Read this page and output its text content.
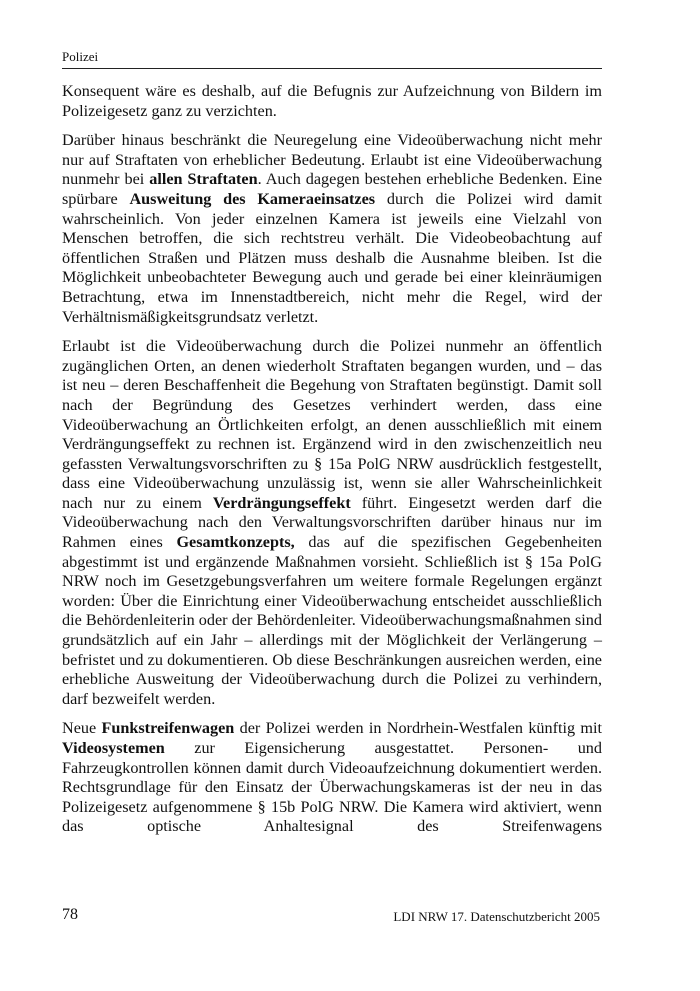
Polizei

Konsequent wäre es deshalb, auf die Befugnis zur Aufzeichnung von Bildern im Polizeigesetz ganz zu verzichten.

Darüber hinaus beschränkt die Neuregelung eine Videoüberwachung nicht mehr nur auf Straftaten von erheblicher Bedeutung. Erlaubt ist eine Videoüberwachung nunmehr bei allen Straftaten. Auch dagegen bestehen erhebliche Bedenken. Eine spürbare Ausweitung des Kameraeinsatzes durch die Polizei wird damit wahrscheinlich. Von jeder einzelnen Kamera ist jeweils eine Vielzahl von Menschen betroffen, die sich rechtstreu verhält. Die Videobeobachtung auf öffentlichen Straßen und Plätzen muss deshalb die Ausnahme bleiben. Ist die Möglichkeit unbeobachteter Bewegung auch und gerade bei einer kleinräumigen Betrachtung, etwa im Innenstadtbereich, nicht mehr die Regel, wird der Verhältnismäßigkeitsgrundsatz verletzt.

Erlaubt ist die Videoüberwachung durch die Polizei nunmehr an öffentlich zugänglichen Orten, an denen wiederholt Straftaten begangen wurden, und – das ist neu – deren Beschaffenheit die Begehung von Straftaten begünstigt. Damit soll nach der Begründung des Gesetzes verhindert werden, dass eine Videoüberwachung an Örtlichkeiten erfolgt, an denen ausschließlich mit einem Verdrängungseffekt zu rechnen ist. Ergänzend wird in den zwischenzeitlich neu gefassten Verwaltungsvorschriften zu § 15a PolG NRW ausdrücklich festgestellt, dass eine Videoüberwachung unzulässig ist, wenn sie aller Wahrscheinlichkeit nach nur zu einem Verdrängungseffekt führt. Eingesetzt werden darf die Videoüberwachung nach den Verwaltungsvorschriften darüber hinaus nur im Rahmen eines Gesamtkonzepts, das auf die spezifischen Gegebenheiten abgestimmt ist und ergänzende Maßnahmen vorsieht. Schließlich ist § 15a PolG NRW noch im Gesetzgebungsverfahren um weitere formale Regelungen ergänzt worden: Über die Einrichtung einer Videoüberwachung entscheidet ausschließlich die Behördenleiterin oder der Behördenleiter. Videoüberwachungsmaßnahmen sind grundsätzlich auf ein Jahr – allerdings mit der Möglichkeit der Verlängerung – befristet und zu dokumentieren. Ob diese Beschränkungen ausreichen werden, eine erhebliche Ausweitung der Videoüberwachung durch die Polizei zu verhindern, darf bezweifelt werden.

Neue Funkstreifenwagen der Polizei werden in Nordrhein-Westfalen künftig mit Videosystemen zur Eigensicherung ausgestattet. Personen- und Fahrzeugkontrollen können damit durch Videoaufzeichnung dokumentiert werden. Rechtsgrundlage für den Einsatz der Überwachungskameras ist der neu in das Polizeigesetz aufgenommene § 15b PolG NRW. Die Kamera wird aktiviert, wenn das optische Anhaltesignal des Streifenwagens

78	LDI NRW 17. Datenschutzbericht 2005
